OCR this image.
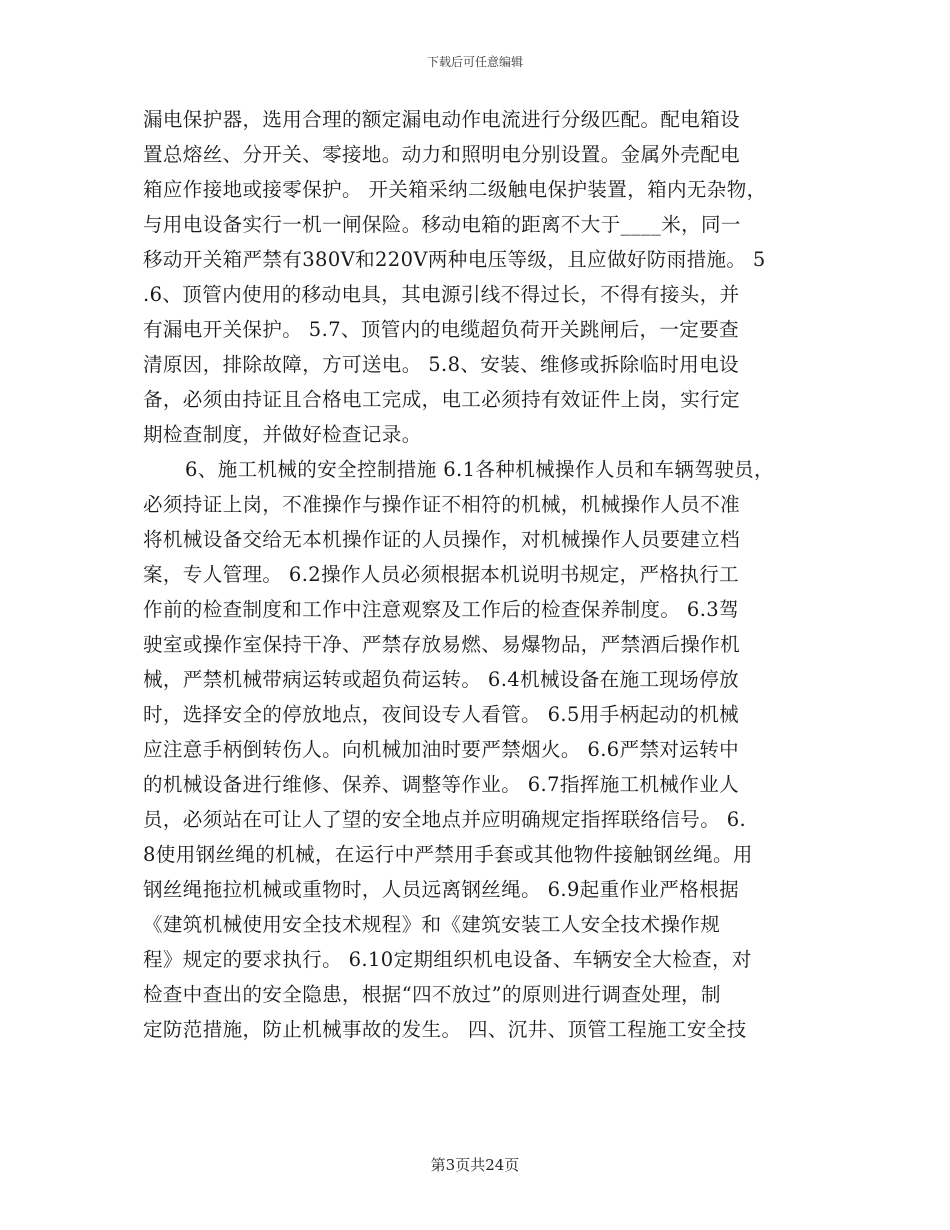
下载后可任意编辑
漏电保护器，选用合理的额定漏电动作电流进行分级匹配。配电箱设
置总熔丝、分开关、零接地。动力和照明电分别设置。金属外壳配电
箱应作接地或接零保护。 开关箱采纳二级触电保护装置，箱内无杂物，
与用电设备实行一机一闸保险。移动电箱的距离不大于____米，同一
移动开关箱严禁有380V和220V两种电压等级，且应做好防雨措施。 5
.6、顶管内使用的移动电具，其电源引线不得过长，不得有接头，并
有漏电开关保护。 5.7、顶管内的电缆超负荷开关跳闸后，一定要查
清原因，排除故障，方可送电。 5.8、安装、维修或拆除临时用电设
备，必须由持证且合格电工完成，电工必须持有效证件上岗，实行定
期检查制度，并做好检查记录。
6、施工机械的安全控制措施 6.1各种机械操作人员和车辆驾驶员，
必须持证上岗，不准操作与操作证不相符的机械，机械操作人员不准
将机械设备交给无本机操作证的人员操作，对机械操作人员要建立档
案，专人管理。 6.2操作人员必须根据本机说明书规定，严格执行工
作前的检查制度和工作中注意观察及工作后的检查保养制度。 6.3驾
驶室或操作室保持干净、严禁存放易燃、易爆物品，严禁酒后操作机
械，严禁机械带病运转或超负荷运转。 6.4机械设备在施工现场停放
时，选择安全的停放地点，夜间设专人看管。 6.5用手柄起动的机械
应注意手柄倒转伤人。向机械加油时要严禁烟火。 6.6严禁对运转中
的机械设备进行维修、保养、调整等作业。 6.7指挥施工机械作业人
员，必须站在可让人了望的安全地点并应明确规定指挥联络信号。 6.
8使用钢丝绳的机械，在运行中严禁用手套或其他物件接触钢丝绳。用
钢丝绳拖拉机械或重物时，人员远离钢丝绳。 6.9起重作业严格根据
《建筑机械使用安全技术规程》和《建筑安装工人安全技术操作规
程》规定的要求执行。 6.10定期组织机电设备、车辆安全大检查，对
检查中查出的安全隐患，根据“四不放过”的原则进行调查处理，制
定防范措施，防止机械事故的发生。 四、沉井、顶管工程施工安全技
第3页共24页
